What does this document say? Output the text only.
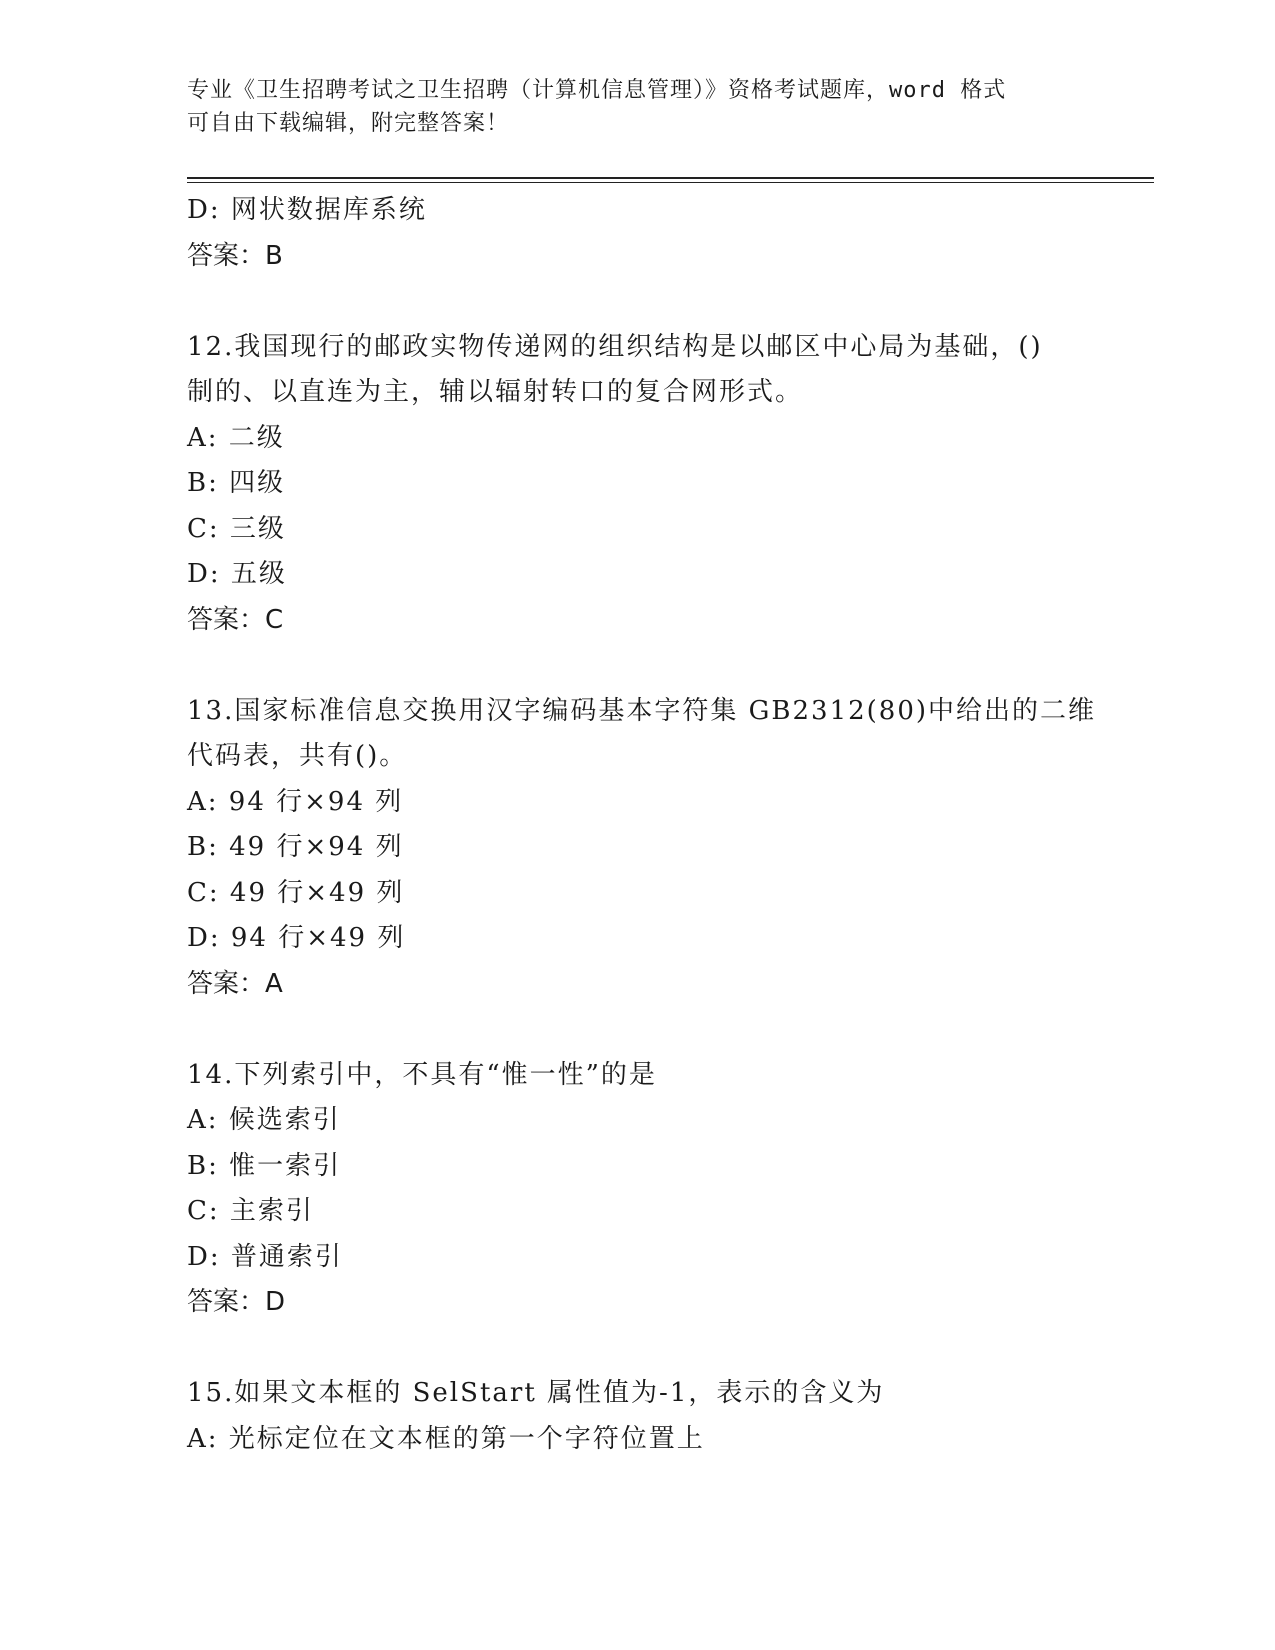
专业《卫生招聘考试之卫生招聘（计算机信息管理）》资格考试题库，word 格式
可自由下载编辑，附完整答案！
D: 网状数据库系统
答案：B
12.我国现行的邮政实物传递网的组织结构是以邮区中心局为基础，()
制的、以直连为主，辅以辐射转口的复合网形式。
A: 二级
B: 四级
C: 三级
D: 五级
答案：C
13.国家标准信息交换用汉字编码基本字符集 GB2312(80)中给出的二维
代码表，共有()。
A: 94 行×94 列
B: 49 行×94 列
C: 49 行×49 列
D: 94 行×49 列
答案：A
14.下列索引中，不具有“惟一性”的是
A: 候选索引
B: 惟一索引
C: 主索引
D: 普通索引
答案：D
15.如果文本框的 SelStart 属性值为-1，表示的含义为
A: 光标定位在文本框的第一个字符位置上
